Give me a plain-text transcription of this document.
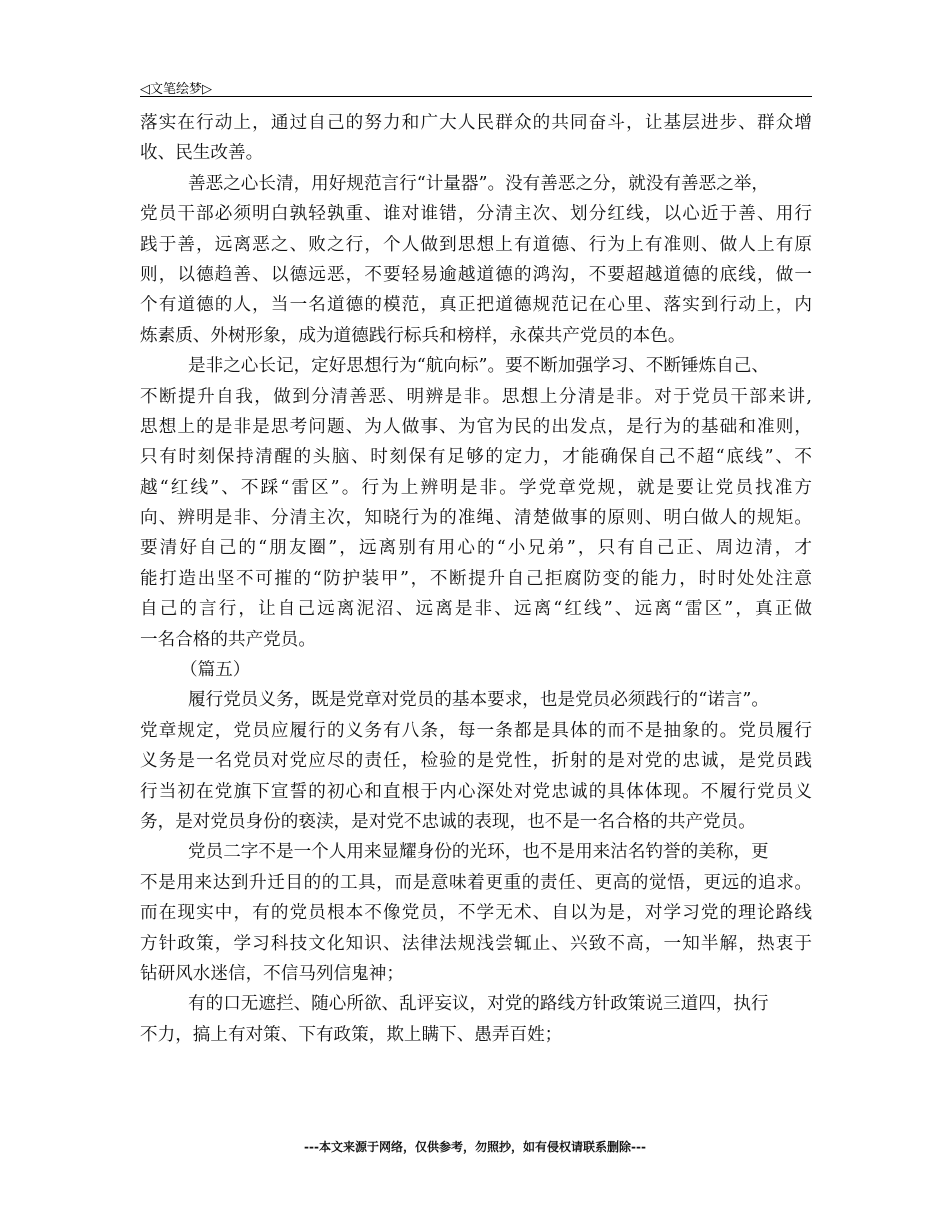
◁文笔绘梦▷
落实在行动上，通过自己的努力和广大人民群众的共同奋斗，让基层进步、群众增
收、民生改善。
善恶之心长清，用好规范言行“计量器”。没有善恶之分，就没有善恶之举，
党员干部必须明白孰轻孰重、谁对谁错，分清主次、划分红线，以心近于善、用行
践于善，远离恶之、败之行，个人做到思想上有道德、行为上有准则、做人上有原
则，以德趋善、以德远恶，不要轻易逾越道德的鸿沟，不要超越道德的底线，做一
个有道德的人，当一名道德的模范，真正把道德规范记在心里、落实到行动上，内
炼素质、外树形象，成为道德践行标兵和榜样，永葆共产党员的本色。
是非之心长记，定好思想行为“航向标”。要不断加强学习、不断锤炼自己、
不断提升自我，做到分清善恶、明辨是非。思想上分清是非。对于党员干部来讲,
思想上的是非是思考问题、为人做事、为官为民的出发点，是行为的基础和准则，
只有时刻保持清醒的头脑、时刻保有足够的定力，才能确保自己不超“底线”、不
越“红线”、不踩“雷区”。行为上辨明是非。学党章党规，就是要让党员找准方
向、辨明是非、分清主次，知晓行为的准绳、清楚做事的原则、明白做人的规矩。
要清好自己的“朋友圈”，远离别有用心的“小兄弟”，只有自己正、周边清，才
能打造出坚不可摧的“防护装甲”，不断提升自己拒腐防变的能力，时时处处注意
自己的言行，让自己远离泥沼、远离是非、远离“红线”、远离“雷区”，真正做
一名合格的共产党员。
（篇五）
履行党员义务，既是党章对党员的基本要求，也是党员必须践行的“诺言”。
党章规定，党员应履行的义务有八条，每一条都是具体的而不是抽象的。党员履行
义务是一名党员对党应尽的责任，检验的是党性，折射的是对党的忠诚，是党员践
行当初在党旗下宣誓的初心和直根于内心深处对党忠诚的具体体现。不履行党员义
务，是对党员身份的亵渎，是对党不忠诚的表现，也不是一名合格的共产党员。
党员二字不是一个人用来显耀身份的光环，也不是用来沽名钓誉的美称，更
不是用来达到升迁目的的工具，而是意味着更重的责任、更高的觉悟，更远的追求。
而在现实中，有的党员根本不像党员，不学无术、自以为是，对学习党的理论路线
方针政策，学习科技文化知识、法律法规浅尝辄止、兴致不高，一知半解，热衷于
钻研风水迷信，不信马列信鬼神；
有的口无遮拦、随心所欲、乱评妄议，对党的路线方针政策说三道四，执行
不力，搞上有对策、下有政策，欺上瞒下、愚弄百姓；
---本文来源于网络，仅供参考，勿照抄，如有侵权请联系删除---
